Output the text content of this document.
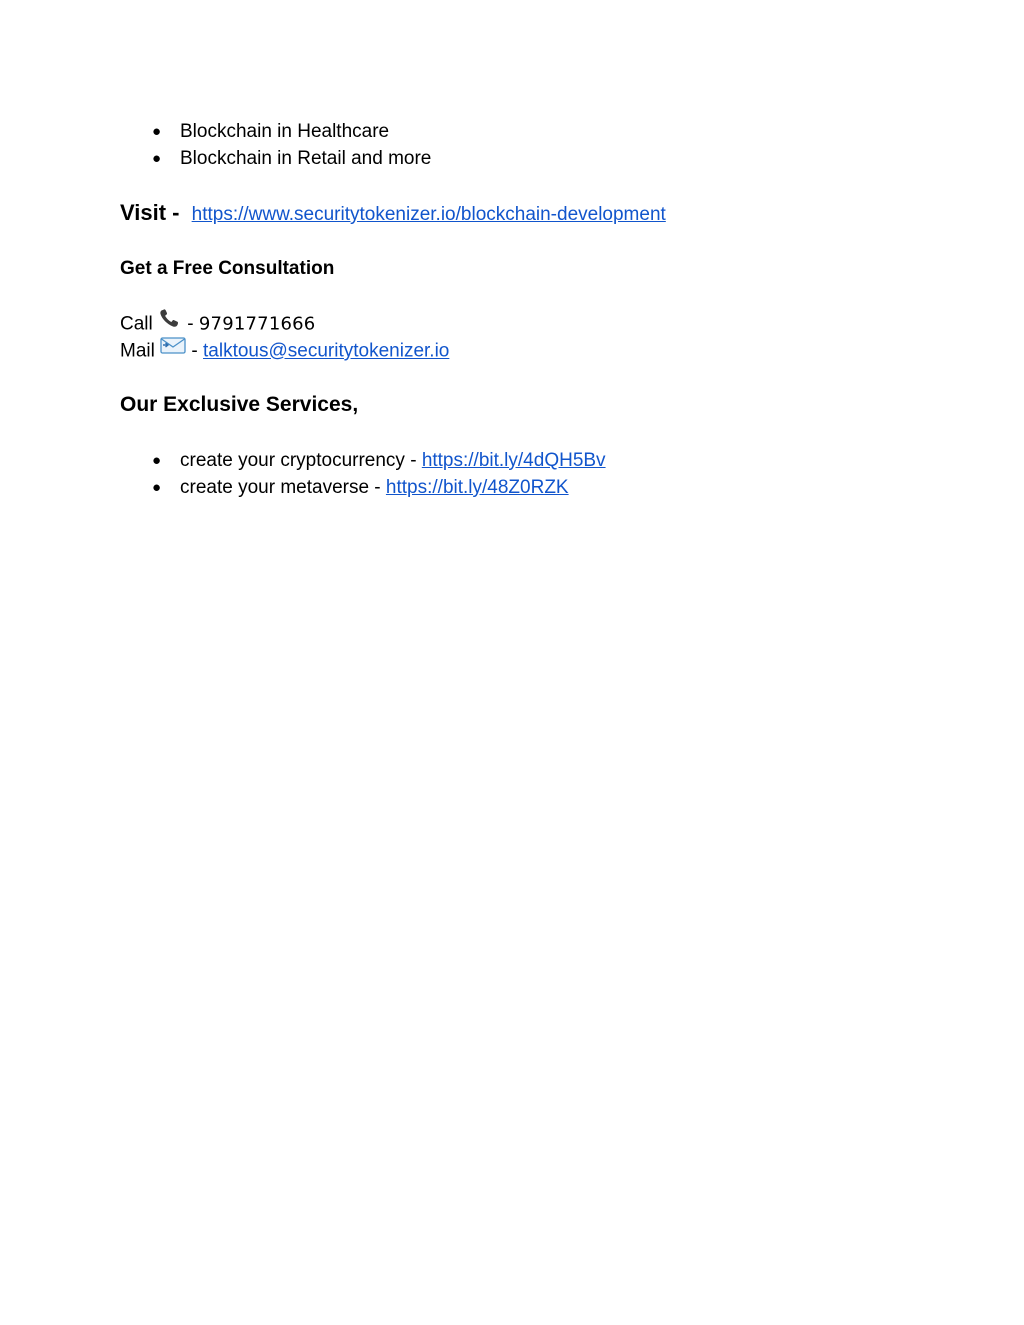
● Blockchain in Healthcare
● Blockchain in Retail and more
Visit - https://www.securitytokenizer.io/blockchain-development
Get a Free Consultation
Call  - 9791771666
Mail  - talktous@securitytokenizer.io
Our Exclusive Services,
● create your cryptocurrency - https://bit.ly/4dQH5Bv
● create your metaverse - https://bit.ly/48Z0RZK
